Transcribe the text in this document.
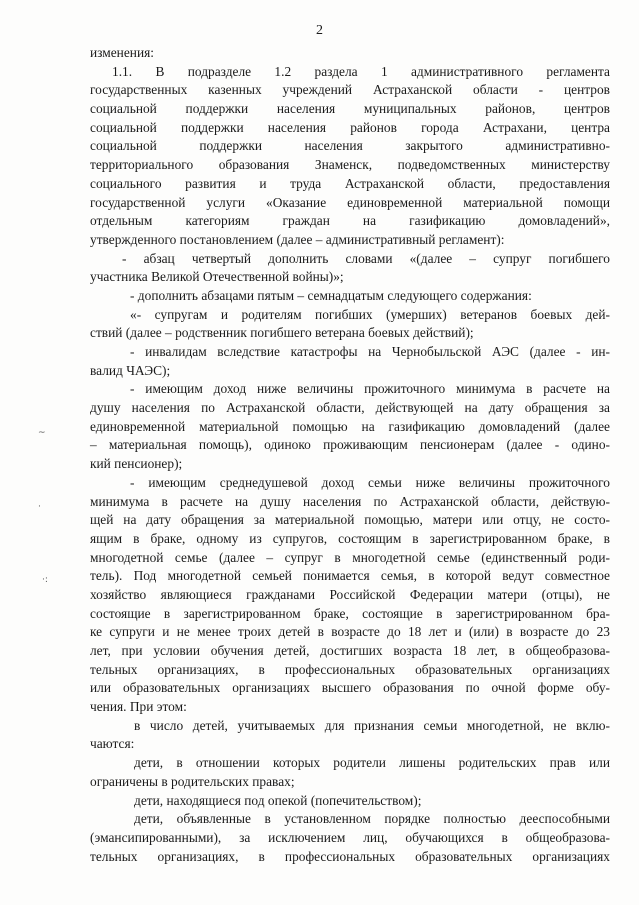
2
~
·
·:
изменения:
1.1. В подразделе 1.2 раздела 1 административного регламента
государственных казенных учреждений Астраханской области - центров
социальной поддержки населения муниципальных районов, центров
социальной поддержки населения районов города Астрахани, центра
социальной поддержки населения закрытого административно-
территориального образования Знаменск, подведомственных министерству
социального развития и труда Астраханской области, предоставления
государственной услуги «Оказание единовременной материальной помощи
отдельным категориям граждан на газификацию домовладений»,
утвержденного постановлением (далее – административный регламент):
- абзац четвертый дополнить словами «(далее – супруг погибшего
участника Великой Отечественной войны)»;
- дополнить абзацами пятым – семнадцатым следующего содержания:
«- супругам и родителям погибших (умерших) ветеранов боевых дей-
ствий (далее – родственник погибшего ветерана боевых действий);
- инвалидам вследствие катастрофы на Чернобыльской АЭС (далее - ин-
валид ЧАЭС);
- имеющим доход ниже величины прожиточного минимума в расчете на
душу населения по Астраханской области, действующей на дату обращения за
единовременной материальной помощью на газификацию домовладений (далее
– материальная помощь), одиноко проживающим пенсионерам (далее - одино-
кий пенсионер);
- имеющим среднедушевой доход семьи ниже величины прожиточного
минимума в расчете на душу населения по Астраханской области, действую-
щей на дату обращения за материальной помощью, матери или отцу, не состо-
ящим в браке, одному из супругов, состоящим в зарегистрированном браке, в
многодетной семье (далее – супруг в многодетной семье (единственный роди-
тель). Под многодетной семьей понимается семья, в которой ведут совместное
хозяйство являющиеся гражданами Российской Федерации матери (отцы), не
состоящие в зарегистрированном браке, состоящие в зарегистрированном бра-
ке супруги и не менее троих детей в возрасте до 18 лет и (или) в возрасте до 23
лет, при условии обучения детей, достигших возраста 18 лет, в общеобразова-
тельных организациях, в профессиональных образовательных организациях
или образовательных организациях высшего образования по очной форме обу-
чения. При этом:
в число детей, учитываемых для признания семьи многодетной, не вклю-
чаются:
дети, в отношении которых родители лишены родительских прав или
ограничены в родительских правах;
дети, находящиеся под опекой (попечительством);
дети, объявленные в установленном порядке полностью дееспособными
(эмансипированными), за исключением лиц, обучающихся в общеобразова-
тельных организациях, в профессиональных образовательных организациях
